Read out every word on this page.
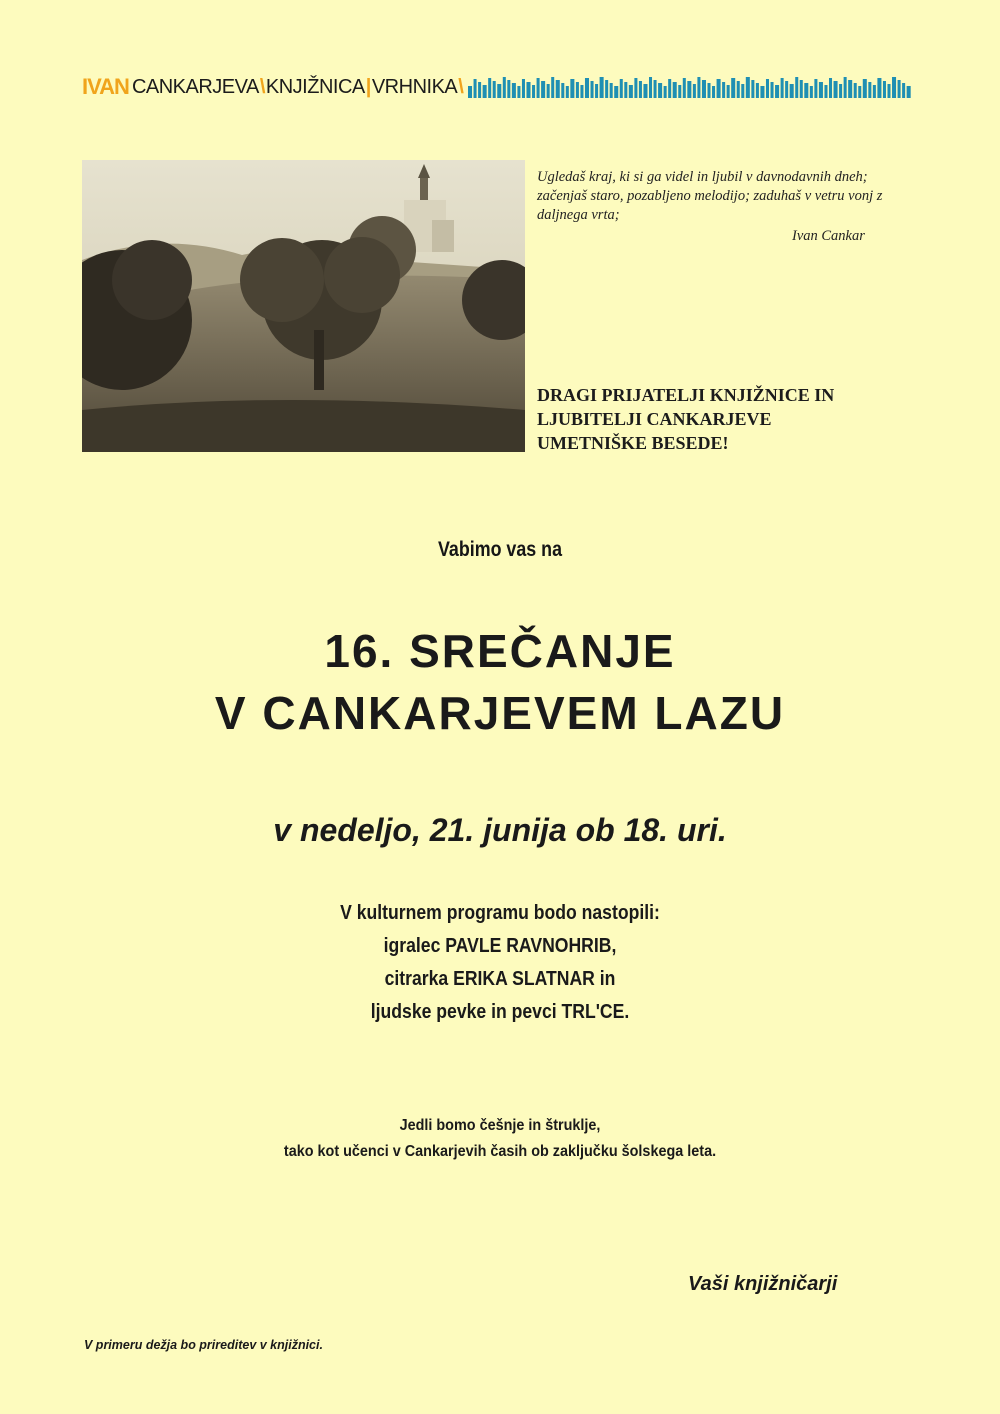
IVAN CANKARJEVA \ KNJIŽNICA | VRHNIKA \
Ugledaš kraj, ki si ga videl in ljubil v davnodavnih dneh; začenjaš staro, pozabljeno melodijo; zaduhaš v vetru vonj z daljnega vrta;
Ivan Cankar
DRAGI PRIJATELJI KNJIŽNICE IN
LJUBITELJI CANKARJEVE
UMETNIŠKE BESEDE!
Vabimo vas na
16. SREČANJE
V CANKARJEVEM LAZU
v nedeljo, 21. junija ob 18. uri.
V kulturnem programu bodo nastopili:
igralec PAVLE RAVNOHRIB,
citrarka ERIKA SLATNAR in
ljudske pevke in pevci TRL'CE.
Jedli bomo češnje in štruklje,
tako kot učenci v Cankarjevih časih ob zaključku šolskega leta.
Vaši knjižničarji
V primeru dežja bo prireditev v knjižnici.
